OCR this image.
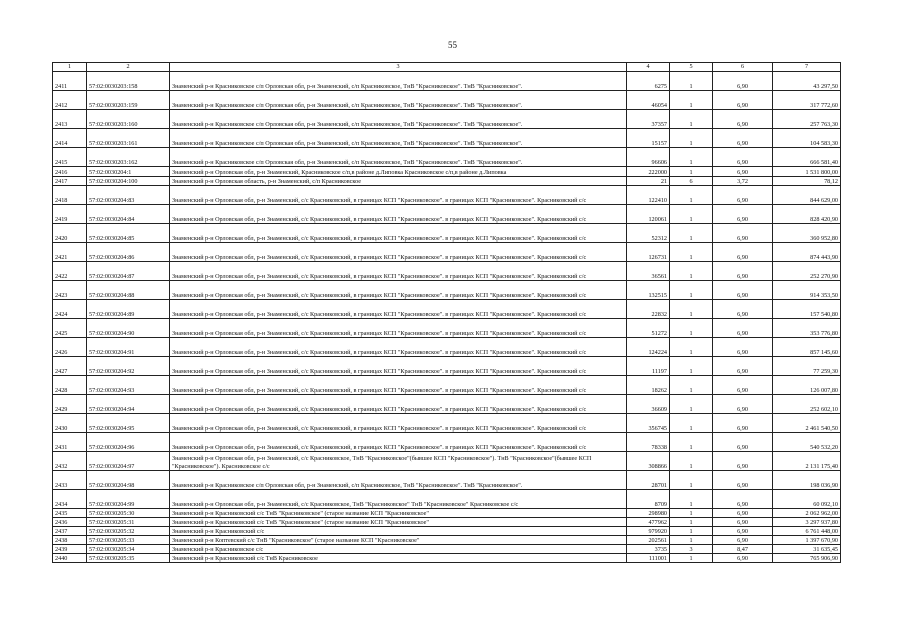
55
1	2	3	4	5	6	7
2411	57:02:0030203:158	Знаменский р-н Красниковское с/п Орловская обл, р-н Знаменский, с/п Красниковское, ТнВ "Красниковское". ТнВ "Красниковское".	6275	1	6,90	43 297,50
2412	57:02:0030203:159	Знаменский р-н Красниковское с/п Орловская обл, р-н Знаменский, с/п Красниковское, ТнВ "Красниковское". ТнВ "Красниковское".	46054	1	6,90	317 772,60
2413	57:02:0030203:160	Знаменский р-н Красниковское с/п Орловская обл, р-н Знаменский, с/п Красниковское, ТнВ "Красниковское". ТнВ "Красниковское".	37357	1	6,90	257 763,30
2414	57:02:0030203:161	Знаменский р-н Красниковское с/п Орловская обл, р-н Знаменский, с/п Красниковское, ТнВ "Красниковское". ТнВ "Красниковское".	15157	1	6,90	104 583,30
2415	57:02:0030203:162	Знаменский р-н Красниковское с/п Орловская обл, р-н Знаменский, с/п Красниковское, ТнВ "Красниковское". ТнВ "Красниковское".	96606	1	6,90	666 581,40
2416	57:02:0030204:1	Знаменский р-н Орловская обл, р-н Знаменский, Красниковское с/п,в районе д.Липовка Красниковское с/п,в районе д.Липовка	222000	1	6,90	1 531 800,00
2417	57:02:0030204:100	Знаменский р-н Орловская область, р-н Знаменский, с/п Красниковское	21	6	3,72	78,12
2418	57:02:0030204:83	Знаменский р-н Орловская обл, р-н Знаменский, с/с Красниковский, в границах КСП "Красниковское". в границах КСП "Красниковское". Красниковский с/с	122410	1	6,90	844 629,00
2419	57:02:0030204:84	Знаменский р-н Орловская обл, р-н Знаменский, с/с Красниковский, в границах КСП "Красниковское". в границах КСП "Красниковское". Красниковский с/с	120061	1	6,90	828 420,90
2420	57:02:0030204:85	Знаменский р-н Орловская обл, р-н Знаменский, с/с Красниковский, в границах КСП "Красниковское". в границах КСП "Красниковское". Красниковский с/с	52312	1	6,90	360 952,80
2421	57:02:0030204:86	Знаменский р-н Орловская обл, р-н Знаменский, с/с Красниковский, в границах КСП "Красниковское". в границах КСП "Красниковское". Красниковский с/с	126731	1	6,90	874 443,90
2422	57:02:0030204:87	Знаменский р-н Орловская обл, р-н Знаменский, с/с Красниковский, в границах КСП "Красниковское". в границах КСП "Красниковское". Красниковский с/с	36561	1	6,90	252 270,90
2423	57:02:0030204:88	Знаменский р-н Орловская обл, р-н Знаменский, с/с Красниковский, в границах КСП "Красниковское". в границах КСП "Красниковское". Красниковский с/с	132515	1	6,90	914 353,50
2424	57:02:0030204:89	Знаменский р-н Орловская обл, р-н Знаменский, с/с Красниковский, в границах КСП "Красниковское". в границах КСП "Красниковское". Красниковский с/с	22832	1	6,90	157 540,80
2425	57:02:0030204:90	Знаменский р-н Орловская обл, р-н Знаменский, с/с Красниковский, в границах КСП "Красниковское". в границах КСП "Красниковское". Красниковский с/с	51272	1	6,90	353 776,80
2426	57:02:0030204:91	Знаменский р-н Орловская обл, р-н Знаменский, с/с Красниковский, в границах КСП "Красниковское". в границах КСП "Красниковское". Красниковский с/с	124224	1	6,90	857 145,60
2427	57:02:0030204:92	Знаменский р-н Орловская обл, р-н Знаменский, с/с Красниковский, в границах КСП "Красниковское". в границах КСП "Красниковское". Красниковский с/с	11197	1	6,90	77 259,30
2428	57:02:0030204:93	Знаменский р-н Орловская обл, р-н Знаменский, с/с Красниковский, в границах КСП "Красниковское". в границах КСП "Красниковское". Красниковский с/с	18262	1	6,90	126 007,80
2429	57:02:0030204:94	Знаменский р-н Орловская обл, р-н Знаменский, с/с Красниковский, в границах КСП "Красниковское". в границах КСП "Красниковское". Красниковский с/с	36609	1	6,90	252 602,10
2430	57:02:0030204:95	Знаменский р-н Орловская обл, р-н Знаменский, с/с Красниковский, в границах КСП "Красниковское". в границах КСП "Красниковское". Красниковский с/с	356745	1	6,90	2 461 540,50
2431	57:02:0030204:96	Знаменский р-н Орловская обл, р-н Знаменский, с/с Красниковский, в границах КСП "Красниковское". в границах КСП "Красниковское". Красниковский с/с	78338	1	6,90	540 532,20
2432	57:02:0030204:97	Знаменский р-н Орловская обл, р-н Знаменский, с/с Красниковское, ТнВ "Красниковское"(бывшее КСП "Красниковское"). ТнВ "Красниковское"(бывшее КСП "Красниковское"). Красниковское с/с	308866	1	6,90	2 131 175,40
2433	57:02:0030204:98	Знаменский р-н Красниковское с/п Орловская обл, р-н Знаменский, с/п Красниковское, ТнВ "Красниковское". ТнВ "Красниковское".	28701	1	6,90	198 036,90
2434	57:02:0030204:99	Знаменский р-н Орловская обл, р-н Знаменский, с/с Красниковское, ТнВ "Красниковское" ТнВ "Красниковское" Красниковское с/с	8709	1	6,90	60 092,10
2435	57:02:0030205:30	Знаменский р-н Красниковский с/с ТнВ "Красниковское" (старое название КСП "Красниковское"	298980	1	6,90	2 062 962,00
2436	57:02:0030205:31	Знаменский р-н Красниковский с/с ТнВ "Красниковское" (старое название КСП "Красниковское"	477962	1	6,90	3 297 937,80
2437	57:02:0030205:32	Знаменский р-н Красниковский с/с	979920	1	6,90	6 761 448,00
2438	57:02:0030205:33	Знаменский р-н Коптевский с/с ТнВ "Красниковское" (старое название КСП "Красниковское"	202561	1	6,90	1 397 670,90
2439	57:02:0030205:34	Знаменский р-н Красниковское с/с	3735	3	8,47	31 635,45
2440	57:02:0030205:35	Знаменский р-н Красниковский с/с ТнВ Красниковское	111001	1	6,90	765 906,90
